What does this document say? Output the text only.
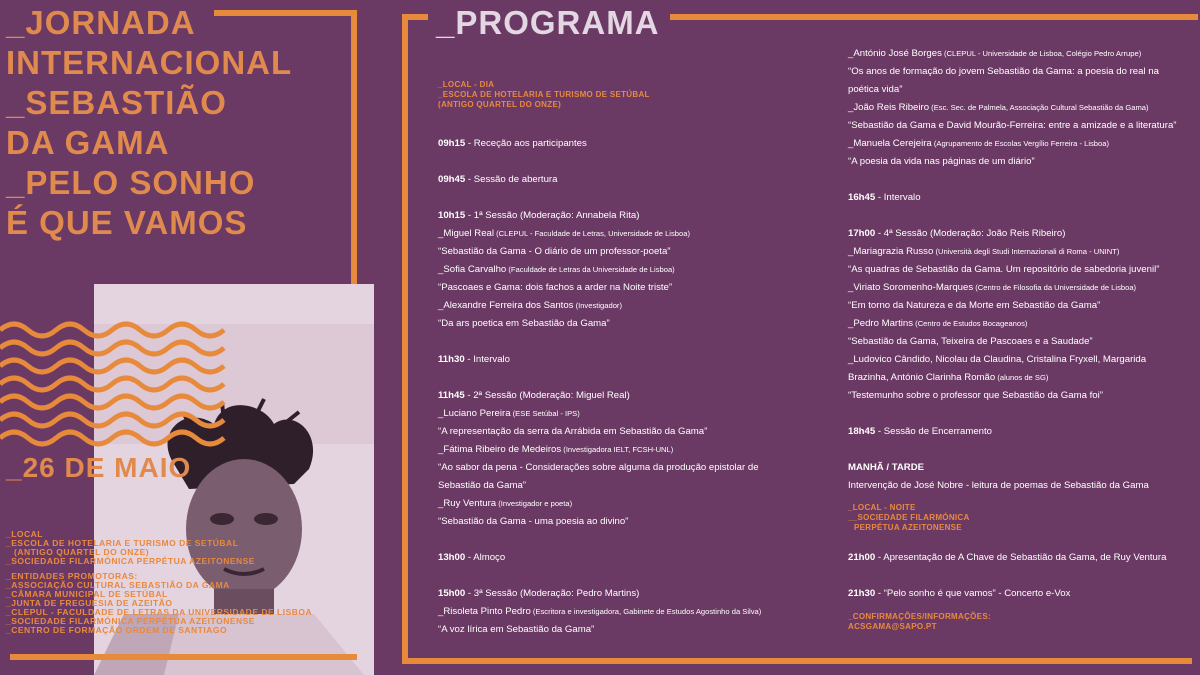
_JORNADA
INTERNACIONAL
_SEBASTIÃO
DA GAMA
_PELO SONHO
É QUE VAMOS
_26 DE MAIO
_LOCAL
_ESCOLA DE HOTELARIA E TURISMO DE SETÚBAL
(ANTIGO QUARTEL DO ONZE)
_SOCIEDADE FILARMÓNICA PERPÉTUA AZEITONENSE
_ENTIDADES PROMOTORAS:
_ASSOCIAÇÃO CULTURAL SEBASTIÃO DA GAMA
_CÂMARA MUNICIPAL DE SETÚBAL
_JUNTA DE FREGUESIA DE AZEITÃO
_CLEPUL - FACULDADE DE LETRAS DA UNIVERSIDADE DE LISBOA
_SOCIEDADE FILARMÓNICA PERPÉTUA AZEITONENSE
_CENTRO DE FORMAÇÃO ORDEM DE SANTIAGO
_PROGRAMA
_LOCAL - DIA
_ESCOLA DE HOTELARIA E TURISMO DE SETÚBAL
(ANTIGO QUARTEL DO ONZE)
09h15 - Receção aos participantes
09h45 - Sessão de abertura
10h15 - 1ª Sessão (Moderação: Annabela Rita)
_Miguel Real (CLEPUL - Faculdade de Letras, Universidade de Lisboa)
“Sebastião da Gama - O diário de um professor-poeta”
_Sofia Carvalho (Faculdade de Letras da Universidade de Lisboa)
“Pascoaes e Gama: dois fachos a arder na Noite triste”
_Alexandre Ferreira dos Santos (Investigador)
“Da ars poetica em Sebastião da Gama”
11h30 - Intervalo
11h45 - 2ª Sessão (Moderação: Miguel Real)
_Luciano Pereira (ESE Setúbal - IPS)
“A representação da serra da Arrábida em Sebastião da Gama”
_Fátima Ribeiro de Medeiros (Investigadora IELT, FCSH-UNL)
“Ao sabor da pena - Considerações sobre alguma da produção epistolar de
Sebastião da Gama”
_Ruy Ventura (Investigador e poeta)
“Sebastião da Gama - uma poesia ao divino”
13h00 - Almoço
15h00 - 3ª Sessão (Moderação: Pedro Martins)
_Risoleta Pinto Pedro (Escritora e investigadora, Gabinete de Estudos Agostinho da Silva)
“A voz lírica em Sebastião da Gama”
_António José Borges (CLEPUL - Universidade de Lisboa, Colégio Pedro Arrupe)
“Os anos de formação do jovem Sebastião da Gama: a poesia do real na
poética vida”
_João Reis Ribeiro (Esc. Sec. de Palmela, Associação Cultural Sebastião da Gama)
“Sebastião da Gama e David Mourão-Ferreira: entre a amizade e a literatura”
_Manuela Cerejeira (Agrupamento de Escolas Vergílio Ferreira - Lisboa)
“A poesia da vida nas páginas de um diário”
16h45 - Intervalo
17h00 - 4ª Sessão (Moderação: João Reis Ribeiro)
_Mariagrazia Russo (Università degli Studi Internazionali di Roma - UNINT)
“As quadras de Sebastião da Gama. Um repositório de sabedoria juvenil”
_Viriato Soromenho-Marques (Centro de Filosofia da Universidade de Lisboa)
“Em torno da Natureza e da Morte em Sebastião da Gama”
_Pedro Martins (Centro de Estudos Bocageanos)
“Sebastião da Gama, Teixeira de Pascoaes e a Saudade”
_Ludovico Cândido, Nicolau da Claudina, Cristalina Fryxell, Margarida
Brazinha, António Clarinha Romão (alunos de SG)
“Testemunho sobre o professor que Sebastião da Gama foi”
18h45 - Sessão de Encerramento
MANHÃ / TARDE
Intervenção de José Nobre - leitura de poemas de Sebastião da Gama
_LOCAL - NOITE
__SOCIEDADE FILARMÓNICA
PERPÉTUA AZEITONENSE
21h00 - Apresentação de A Chave de Sebastião da Gama, de Ruy Ventura
21h30 - “Pelo sonho é que vamos” - Concerto e-Vox
_CONFIRMAÇÕES/INFORMAÇÕES:
ACSGAMA@SAPO.PT
